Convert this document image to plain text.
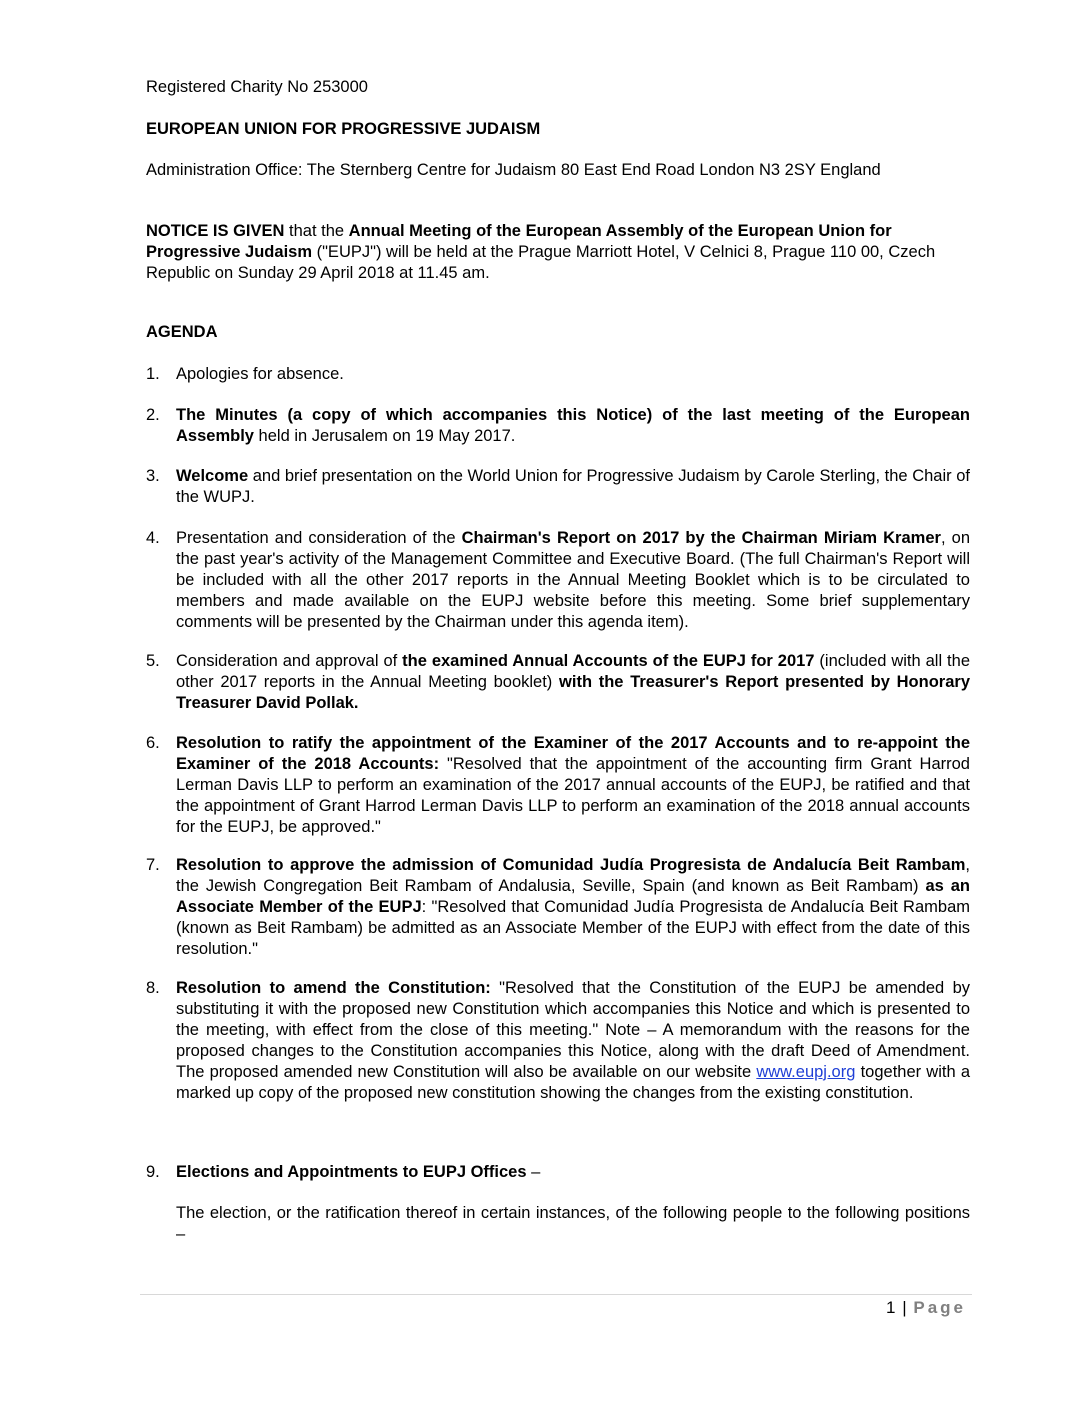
Registered Charity No 253000

EUROPEAN UNION FOR PROGRESSIVE JUDAISM

Administration Office: The Sternberg Centre for Judaism 80 East End Road London N3 2SY England

NOTICE IS GIVEN that the Annual Meeting of the European Assembly of the European Union for Progressive Judaism ("EUPJ") will be held at the Prague Marriott Hotel, V Celnici 8, Prague 110 00, Czech Republic on Sunday 29 April 2018 at 11.45 am.

AGENDA

1. Apologies for absence.
2. The Minutes (a copy of which accompanies this Notice) of the last meeting of the European Assembly held in Jerusalem on 19 May 2017.
3. Welcome and brief presentation on the World Union for Progressive Judaism by Carole Sterling, the Chair of the WUPJ.
4. Presentation and consideration of the Chairman's Report on 2017 by the Chairman Miriam Kramer, on the past year's activity of the Management Committee and Executive Board. (The full Chairman's Report will be included with all the other 2017 reports in the Annual Meeting Booklet which is to be circulated to members and made available on the EUPJ website before this meeting. Some brief supplementary comments will be presented by the Chairman under this agenda item).
5. Consideration and approval of the examined Annual Accounts of the EUPJ for 2017 (included with all the other 2017 reports in the Annual Meeting booklet) with the Treasurer's Report presented by Honorary Treasurer David Pollak.
6. Resolution to ratify the appointment of the Examiner of the 2017 Accounts and to re-appoint the Examiner of the 2018 Accounts: "Resolved that the appointment of the accounting firm Grant Harrod Lerman Davis LLP to perform an examination of the 2017 annual accounts of the EUPJ, be ratified and that the appointment of Grant Harrod Lerman Davis LLP to perform an examination of the 2018 annual accounts for the EUPJ, be approved."
7. Resolution to approve the admission of Comunidad Judía Progresista de Andalucía Beit Rambam, the Jewish Congregation Beit Rambam of Andalusia, Seville, Spain (and known as Beit Rambam) as an Associate Member of the EUPJ: "Resolved that Comunidad Judía Progresista de Andalucía Beit Rambam (known as Beit Rambam) be admitted as an Associate Member of the EUPJ with effect from the date of this resolution."
8. Resolution to amend the Constitution: "Resolved that the Constitution of the EUPJ be amended by substituting it with the proposed new Constitution which accompanies this Notice and which is presented to the meeting, with effect from the close of this meeting." Note – A memorandum with the reasons for the proposed changes to the Constitution accompanies this Notice, along with the draft Deed of Amendment. The proposed amended new Constitution will also be available on our website www.eupj.org together with a marked up copy of the proposed new constitution showing the changes from the existing constitution.
9. Elections and Appointments to EUPJ Offices –

The election, or the ratification thereof in certain instances, of the following people to the following positions –

1 | Page
